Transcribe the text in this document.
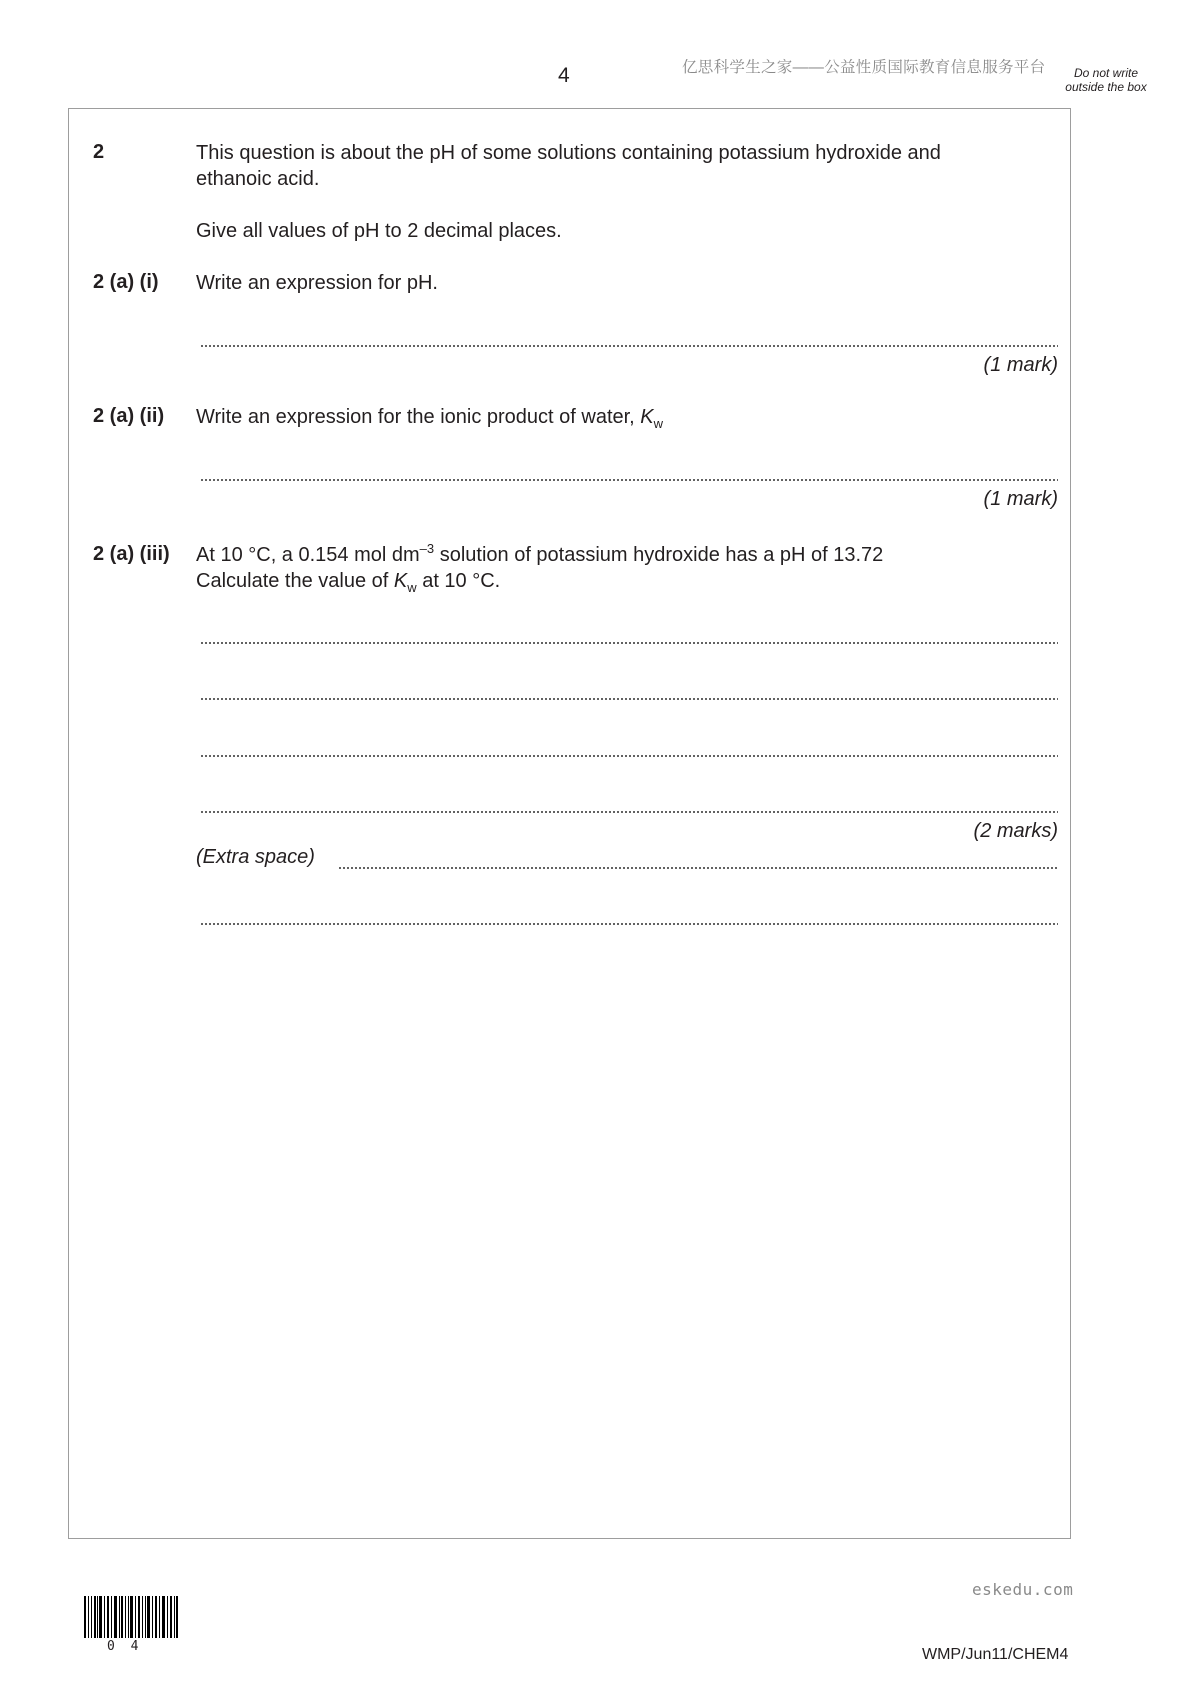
4	亿思科学生之家——公益性质国际教育信息服务平台	Do not write outside the box
2	This question is about the pH of some solutions containing potassium hydroxide and
ethanoic acid.
Give all values of pH to 2 decimal places.
2 (a) (i) Write an expression for pH.
(1 mark)
2 (a) (ii) Write an expression for the ionic product of water, $K_w$
(1 mark)
2 (a) (iii) At 10 °C, a 0.154 mol $dm^{-3}$ solution of potassium hydroxide has a pH of 13.72
Calculate the value of $K_w$ at 10 °C.
(2 marks)
(Extra space)
eskedu.com
0 4	WMP/Jun11/CHEM4
